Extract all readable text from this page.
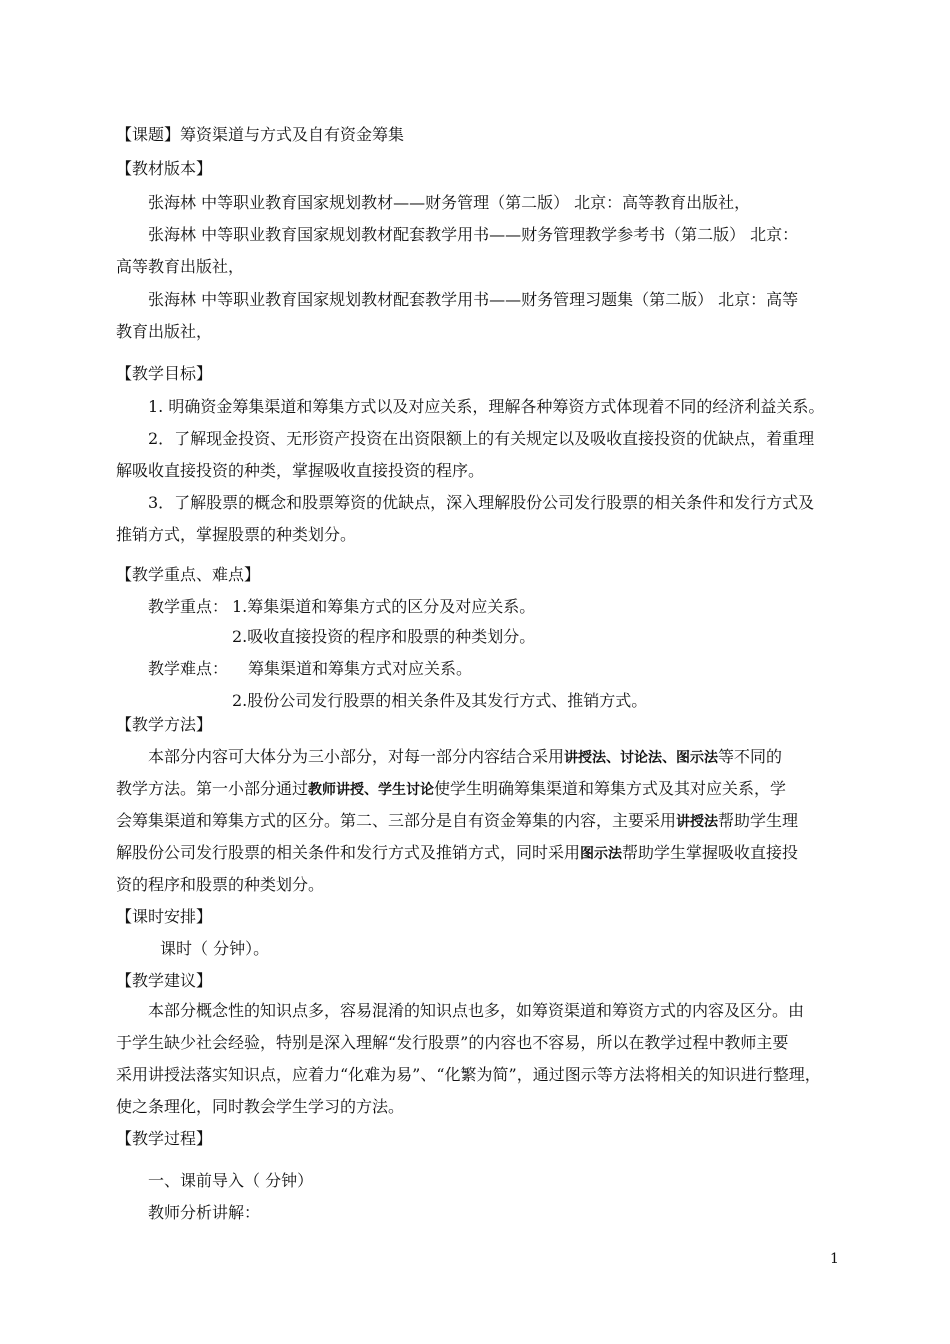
【课题】筹资渠道与方式及自有资金筹集
【教材版本】
张海林 中等职业教育国家规划教材——财务管理（第二版） 北京：高等教育出版社，
张海林 中等职业教育国家规划教材配套教学用书——财务管理教学参考书（第二版） 北京：
高等教育出版社，
张海林 中等职业教育国家规划教材配套教学用书——财务管理习题集（第二版） 北京：高等
教育出版社，
【教学目标】
1. 明确资金筹集渠道和筹集方式以及对应关系，理解各种筹资方式体现着不同的经济利益关系。
2．了解现金投资、无形资产投资在出资限额上的有关规定以及吸收直接投资的优缺点，着重理
解吸收直接投资的种类，掌握吸收直接投资的程序。
3．了解股票的概念和股票筹资的优缺点，深入理解股份公司发行股票的相关条件和发行方式及
推销方式，掌握股票的种类划分。
【教学重点、难点】
教学重点： 1.筹集渠道和筹集方式的区分及对应关系。
2.吸收直接投资的程序和股票的种类划分。
教学难点： 筹集渠道和筹集方式对应关系。
2.股份公司发行股票的相关条件及其发行方式、推销方式。
【教学方法】
本部分内容可大体分为三小部分，对每一部分内容结合采用讲授法、讨论法、图示法等不同的
教学方法。第一小部分通过教师讲授、学生讨论使学生明确筹集渠道和筹集方式及其对应关系，学
会筹集渠道和筹集方式的区分。第二、三部分是自有资金筹集的内容，主要采用讲授法帮助学生理
解股份公司发行股票的相关条件和发行方式及推销方式，同时采用图示法帮助学生掌握吸收直接投
资的程序和股票的种类划分。
【课时安排】
课时（ 分钟）。
【教学建议】
本部分概念性的知识点多，容易混淆的知识点也多，如筹资渠道和筹资方式的内容及区分。由
于学生缺少社会经验，特别是深入理解“发行股票”的内容也不容易，所以在教学过程中教师主要
采用讲授法落实知识点，应着力“化难为易”、“化繁为简”，通过图示等方法将相关的知识进行整理，
使之条理化，同时教会学生学习的方法。
【教学过程】
一、课前导入（ 分钟）
教师分析讲解：
1
